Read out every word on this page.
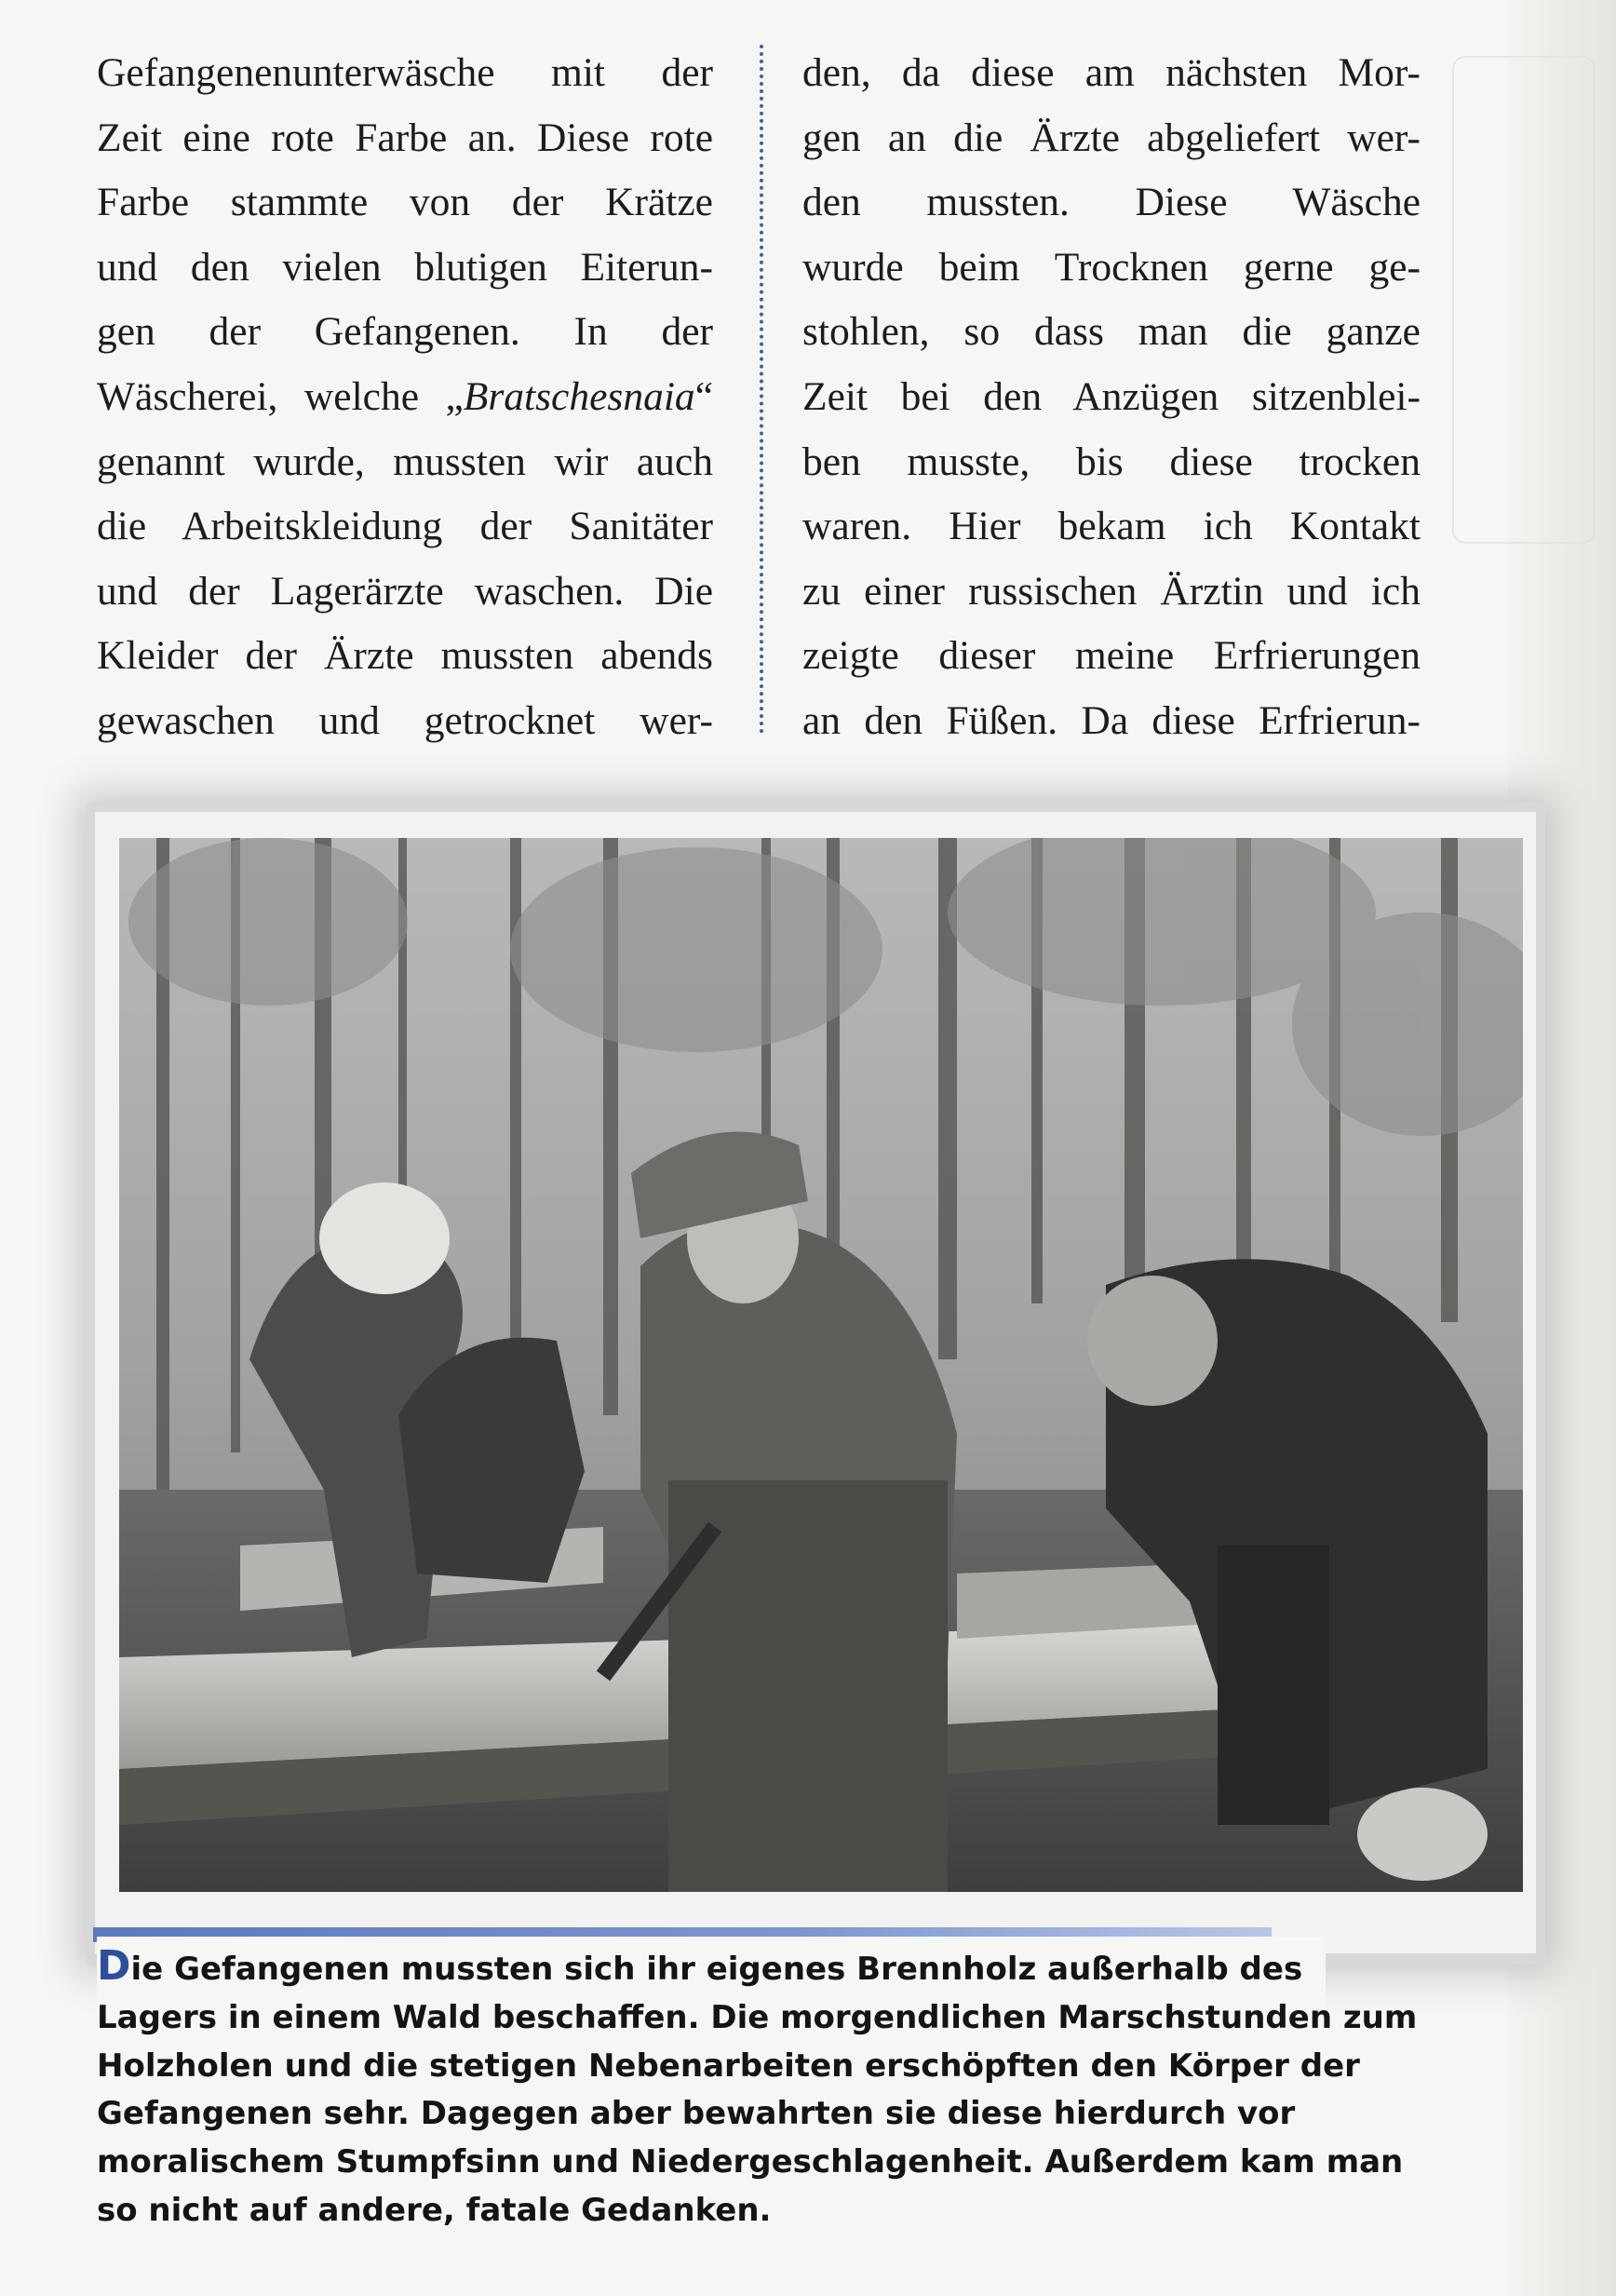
Gefangenenunterwäsche mit der
Zeit eine rote Farbe an. Diese rote
Farbe stammte von der Krätze
und den vielen blutigen Eiterun-
gen der Gefangenen. In der
Wäscherei, welche „Bratschesnaia“
genannt wurde, mussten wir auch
die Arbeitskleidung der Sanitäter
und der Lagerärzte waschen. Die
Kleider der Ärzte mussten abends
gewaschen und getrocknet wer-
den, da diese am nächsten Mor-
gen an die Ärzte abgeliefert wer-
den mussten. Diese Wäsche
wurde beim Trocknen gerne ge-
stohlen, so dass man die ganze
Zeit bei den Anzügen sitzenblei-
ben musste, bis diese trocken
waren. Hier bekam ich Kontakt
zu einer russischen Ärztin und ich
zeigte dieser meine Erfrierungen
an den Füßen. Da diese Erfrierun-
Die Gefangenen mussten sich ihr eigenes Brennholz außerhalb des
Lagers in einem Wald beschaffen. Die morgendlichen Marschstunden zum
Holzholen und die stetigen Nebenarbeiten erschöpften den Körper der
Gefangenen sehr. Dagegen aber bewahrten sie diese hierdurch vor
moralischem Stumpfsinn und Niedergeschlagenheit. Außerdem kam man
so nicht auf andere, fatale Gedanken.
